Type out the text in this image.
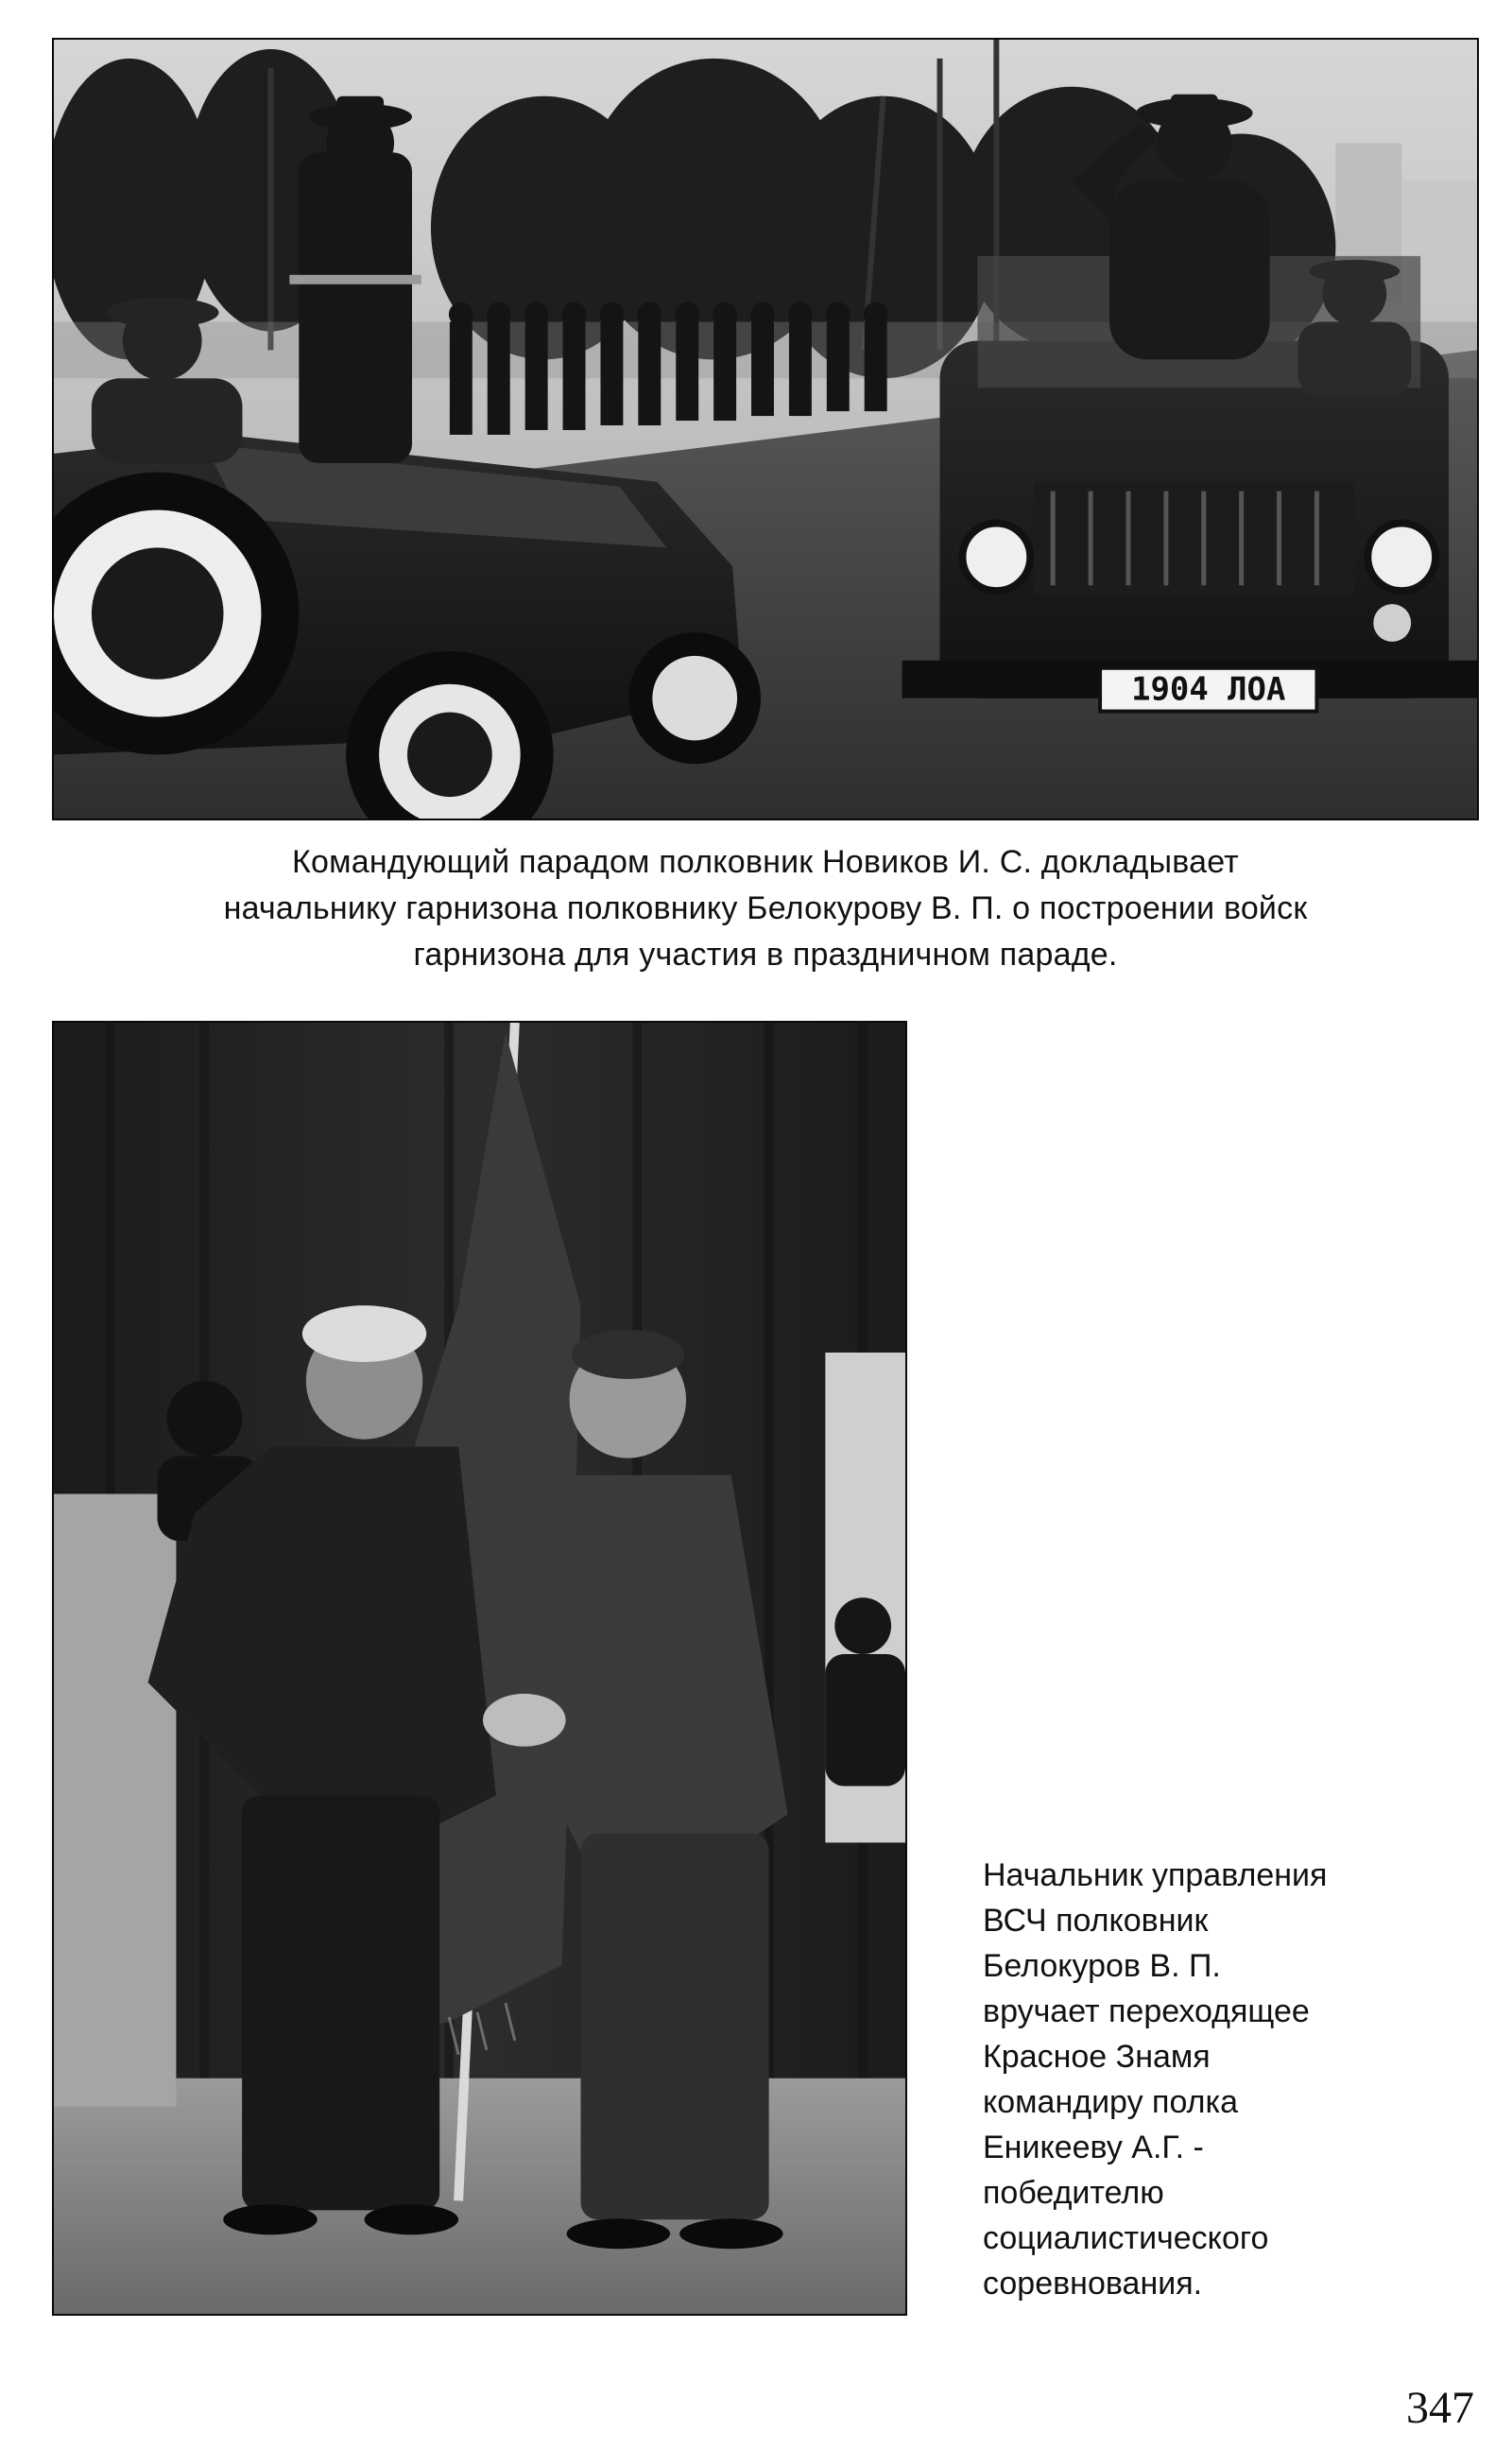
1904 ЛОА
Командующий парадом полковник Новиков И. С. докладывает
начальнику гарнизона полковнику Белокурову В. П. о построении войск
гарнизона для участия в праздничном параде.
Начальник управления
ВСЧ полковник
Белокуров В. П.
вручает переходящее
Красное Знамя
командиру полка
Еникееву А.Г. -
победителю
социалистического
соревнования.
347
